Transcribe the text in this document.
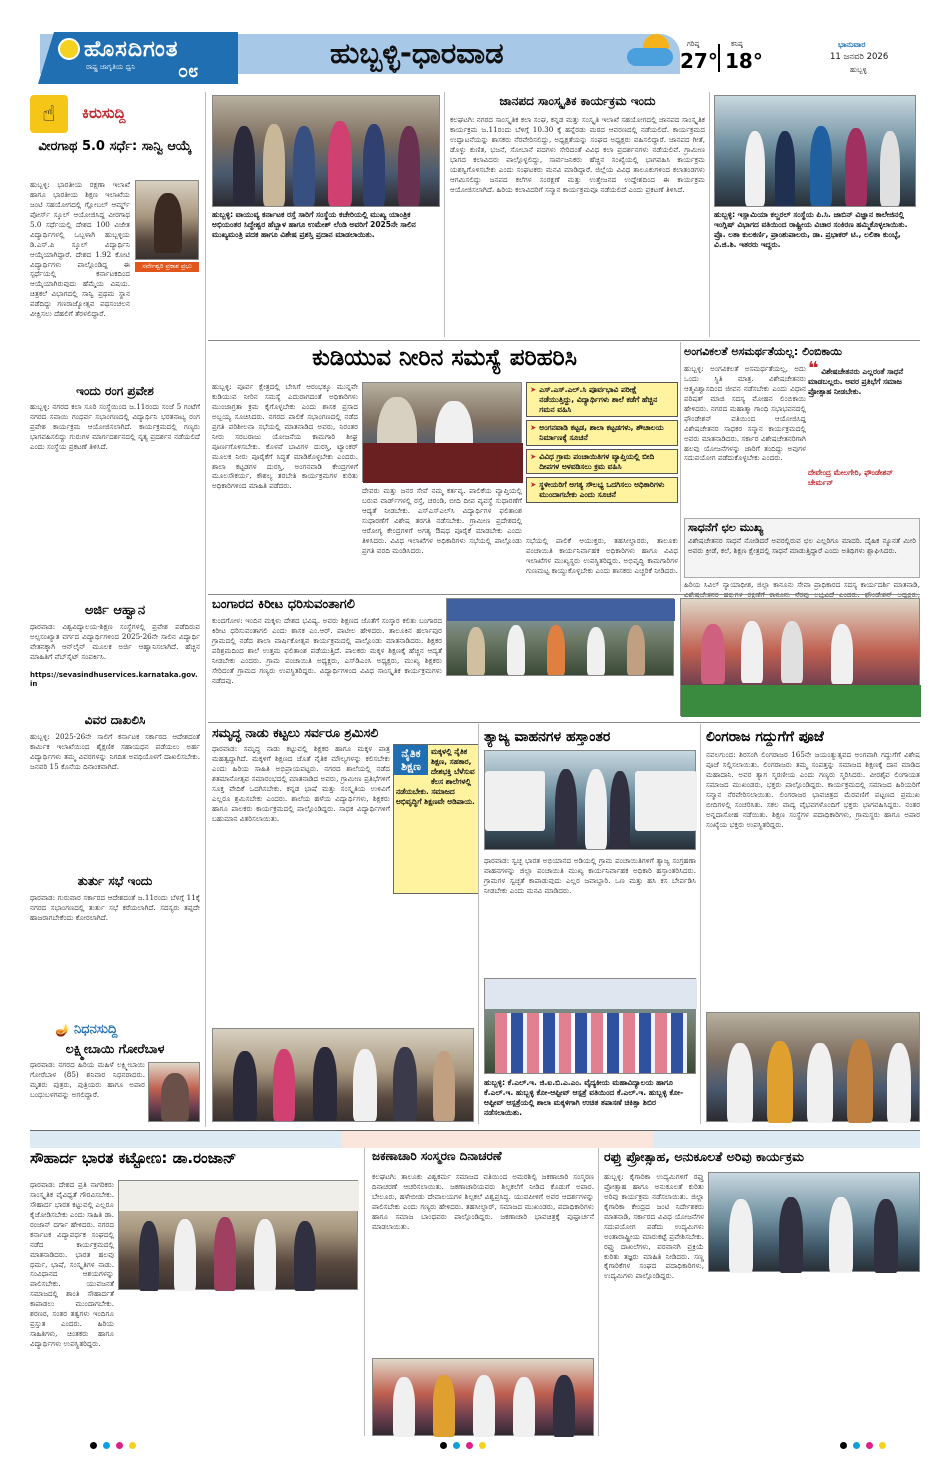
ಹೊಸದಿಗಂತ
ರಾಷ್ಟ್ರ ಜಾಗೃತಿಯ ಧ್ವನಿ ೦೮
ಹುಬ್ಬಳ್ಳಿ-ಧಾರವಾಡ	ಗರಿಷ್ಠ
27°
ಕನಿಷ್ಠ
18°
ಭಾನುವಾರ
11 ಜನವರಿ 2026
ಹುಬ್ಬಳ್ಳಿ
☝	ಕಿರುಸುದ್ದಿ
ವೀರಗಾಥ 5.0 ಸರ್ಧೆ: ಸಾನ್ವಿ ಆಯ್ಕೆ
ಹುಬ್ಬಳ್ಳಿ: ಭಾರತೀಯ ರಕ್ಷಣಾ ಇಲಾಖೆ ಹಾಗೂ ಭಾರತೀಯ ಶಿಕ್ಷಣ ಇಲಾಖೆಯ ಜಂಟಿ ಸಹಯೋಗದಲ್ಲಿ ಗ್ಲೋಬಲ್ ಆರ್ಮ್ಡ್ ಪೋರ್ಸ್ ಸ್ಕೂಲ್ ಆಯೋಜಿಸಿದ್ದ ವೀರಗಾಥ 5.0 ಸರ್ಧೆಯಲ್ಲಿ ದೇಶದ 100 ವಿಜೇತ ವಿದ್ಯಾರ್ಥಿಗಳಲ್ಲಿ ಒಬ್ಬಳಾಗಿ ಹುಬ್ಬಳ್ಳಿಯ ಡಿ.ಎಸ್.ಪಿ ಸ್ಕೂಲ್ ವಿದ್ಯಾರ್ಥಿನಿ ಆಯ್ಕೆಯಾಗಿದ್ದಾರೆ. ದೇಶದ 1.92 ಕೋಟಿ ವಿದ್ಯಾರ್ಥಿಗಳು ಪಾಲ್ಗೊಂಡಿದ್ದ ಈ ಸ್ಪರ್ಧೆಯಲ್ಲಿ ಕರ್ನಾಟಕದಿಂದ ಆಯ್ಕೆಯಾಗಿರುವುದು ಹೆಮ್ಮೆಯ ವಿಷಯ. ಚಿತ್ರಕಲೆ ವಿಭಾಗದಲ್ಲಿ ಸಾನ್ವಿ ಪ್ರಥಮ ಸ್ಥಾನ ಪಡೆದಿದ್ದು ಗಣರಾಜ್ಯೋತ್ಸವ ಪಥಸಂಚಲನ ವೀಕ್ಷಿಸಲು ದೆಹಲಿಗೆ ತೆರಳಲಿದ್ದಾರೆ.
ಸರ್ವೇಶ್ವರಿ ಪ್ರಕಾಶ ಪ್ರಭು
ಇಂದು ರಂಗ ಪ್ರವೇಶ
ಹುಬ್ಬಳ್ಳಿ: ನಗರದ ಕಲಾ ಸೂರಿ ಸಂಸ್ಥೆಯಿಂದ ಜ.11ರಂದು ಸಂಜೆ 5 ಗಂಟೆಗೆ ನಗರದ ಸವಾಯಿ ಗಂಧರ್ವ ಸಭಾಂಗಣದಲ್ಲಿ ವಿದ್ಯಾರ್ಥಿನಿ ಭರತನಾಟ್ಯ ರಂಗ ಪ್ರವೇಶ ಕಾರ್ಯಕ್ರಮ ಆಯೋಜಿಸಲಾಗಿದೆ. ಕಾರ್ಯಕ್ರಮದಲ್ಲಿ ಗಣ್ಯರು ಭಾಗವಹಿಸಲಿದ್ದು ಗುರುಗಳ ಮಾರ್ಗದರ್ಶನದಲ್ಲಿ ನೃತ್ಯ ಪ್ರದರ್ಶನ ನಡೆಯಲಿದೆ ಎಂದು ಸಂಸ್ಥೆಯ ಪ್ರಕಟಣೆ ತಿಳಿಸಿದೆ.
ಅರ್ಜಿ ಆಹ್ವಾನ
ಧಾರವಾಡ: ವಿಶ್ವವಿದ್ಯಾಲಯ-ಶಿಕ್ಷಣ ಸಂಸ್ಥೆಗಳಲ್ಲಿ ಪ್ರವೇಶ ಪಡೆದಿರುವ ಅಲ್ಪಸಂಖ್ಯಾತ ವರ್ಗದ ವಿದ್ಯಾರ್ಥಿಗಳಿಂದ 2025-26ನೇ ಸಾಲಿನ ವಿದ್ಯಾರ್ಥಿ ವೇತನಕ್ಕಾಗಿ ಆನ್‌ಲೈನ್ ಮೂಲಕ ಅರ್ಜಿ ಆಹ್ವಾನಿಸಲಾಗಿದೆ. ಹೆಚ್ಚಿನ ಮಾಹಿತಿಗೆ ವೆಬ್‌ಸೈಟ್ ಸಂಪರ್ಕಿಸಿ.
https://sevasindhuservices.karnataka.gov.in
ವಿವರ ದಾಖಲಿಸಿ
ಹುಬ್ಬಳ್ಳಿ: 2025-26ನೇ ಸಾಲಿಗೆ ಕರ್ನಾಟಕ ಸರ್ಕಾರದ ಆದೇಶದಂತೆ ಕಾರ್ಮಿಕ ಇಲಾಖೆಯಿಂದ ಶೈಕ್ಷಣಿಕ ಸಹಾಯಧನ ಪಡೆಯಲು ಅರ್ಹ ವಿದ್ಯಾರ್ಥಿಗಳು ತಮ್ಮ ವಿವರಗಳನ್ನು ನಿಗದಿತ ಅವಧಿಯೊಳಗೆ ದಾಖಲಿಸಬೇಕು. ಜನವರಿ 15 ಕೊನೆಯ ದಿನಾಂಕವಾಗಿದೆ.
ತುರ್ತು ಸಭೆ ಇಂದು
ಧಾರವಾಡ: ಗುರುವಾರ ಸರ್ಕಾರದ ಆದೇಶದಂತೆ ಜ.11ರಂದು ಬೆಳಗ್ಗೆ 11ಕ್ಕೆ ನಗರದ ಸಭಾಂಗಣದಲ್ಲಿ ತುರ್ತು ಸಭೆ ಕರೆಯಲಾಗಿದೆ. ಸದಸ್ಯರು ತಪ್ಪದೇ ಹಾಜರಾಗಬೇಕೆಂದು ಕೋರಲಾಗಿದೆ.
🪔 ನಿಧನಸುದ್ದಿ
ಲಕ್ಷ್ಮೀಬಾಯಿ ಗೋರೆಬಾಳ
ಧಾರವಾಡ: ನಗರದ ಹಿರಿಯ ಮಹಿಳೆ ಲಕ್ಷ್ಮೀಬಾಯಿ ಗೋರೆಬಾಳ (85) ಶನಿವಾರ ನಿಧನರಾದರು. ಮೃತರು ಪುತ್ರರು, ಪುತ್ರಿಯರು ಹಾಗೂ ಅಪಾರ ಬಂಧುಬಳಗವನ್ನು ಅಗಲಿದ್ದಾರೆ.
ಹುಬ್ಬಳ್ಳಿ: ವಾಯುವ್ಯ ಕರ್ನಾಟಕ ರಸ್ತೆ ಸಾರಿಗೆ ಸಂಸ್ಥೆಯ ಕಚೇರಿಯಲ್ಲಿ ಮುಖ್ಯ ಯಾಂತ್ರಿಕ ಅಭಿಯಂತರ ಸಿದ್ಧೇಶ್ವರ ಹೆಬ್ಬಾಳ ಹಾಗೂ ಉಮೇಶ್ ಲೆಂಡಿ ಅವರಿಗೆ 2025ನೇ ಸಾಲಿನ ಮುಖ್ಯಮಂತ್ರಿ ಪದಕ ಹಾಗೂ ವಿಶೇಷ ಪ್ರಶಸ್ತಿ ಪ್ರದಾನ ಮಾಡಲಾಯಿತು.
ಜಾನಪದ ಸಾಂಸ್ಕೃತಿಕ ಕಾರ್ಯಕ್ರಮ ಇಂದು
ಕಲಘಟಗಿ: ನಗರದ ಸಾಂಸ್ಕೃತಿಕ ಕಲಾ ಸಂಘ, ಕನ್ನಡ ಮತ್ತು ಸಂಸ್ಕೃತಿ ಇಲಾಖೆ ಸಹಯೋಗದಲ್ಲಿ ಜಾನಪದ ಸಾಂಸ್ಕೃತಿಕ ಕಾರ್ಯಕ್ರಮ ಜ.11ರಂದು ಬೆಳಿಗ್ಗೆ 10.30 ಕ್ಕೆ ಹನ್ನೆರಡು ಮಠದ ಆವರಣದಲ್ಲಿ ನಡೆಯಲಿದೆ. ಕಾರ್ಯಕ್ರಮದ ಉದ್ಘಾಟನೆಯನ್ನು ಶಾಸಕರು ನೆರವೇರಿಸಲಿದ್ದು, ಅಧ್ಯಕ್ಷತೆಯನ್ನು ಸಂಘದ ಅಧ್ಯಕ್ಷರು ವಹಿಸಲಿದ್ದಾರೆ. ಜಾನಪದ ಗೀತೆ, ಡೊಳ್ಳು ಕುಣಿತ, ಭಜನೆ, ಸೋಬಾನೆ ಪದಗಳು ಸೇರಿದಂತೆ ವಿವಿಧ ಕಲಾ ಪ್ರದರ್ಶನಗಳು ನಡೆಯಲಿವೆ. ಗ್ರಾಮೀಣ ಭಾಗದ ಕಲಾವಿದರು ಪಾಲ್ಗೊಳ್ಳಲಿದ್ದು, ಸಾರ್ವಜನಿಕರು ಹೆಚ್ಚಿನ ಸಂಖ್ಯೆಯಲ್ಲಿ ಭಾಗವಹಿಸಿ ಕಾರ್ಯಕ್ರಮ ಯಶಸ್ವಿಗೊಳಿಸಬೇಕು ಎಂದು ಸಂಘಟಕರು ಮನವಿ ಮಾಡಿದ್ದಾರೆ. ಜಿಲ್ಲೆಯ ವಿವಿಧ ತಾಲೂಕುಗಳಿಂದ ಕಲಾತಂಡಗಳು ಆಗಮಿಸಲಿದ್ದು ಜನಪದ ಕಲೆಗಳ ಸಂರಕ್ಷಣೆ ಮತ್ತು ಉತ್ತೇಜನದ ಉದ್ದೇಶದಿಂದ ಈ ಕಾರ್ಯಕ್ರಮ ಆಯೋಜಿಸಲಾಗಿದೆ. ಹಿರಿಯ ಕಲಾವಿದರಿಗೆ ಸನ್ಮಾನ ಕಾರ್ಯಕ್ರಮವೂ ನಡೆಯಲಿದೆ ಎಂದು ಪ್ರಕಟಣೆ ತಿಳಿಸಿದೆ.
ಹುಬ್ಬಳ್ಳಿ: ಇಸ್ಲಾಮಿಯಾ ಕಲ್ಚರಲ್ ಸಂಸ್ಥೆಯ ಪಿ.ಸಿ. ಜಾಬಿನ್ ವಿಜ್ಞಾನ ಕಾಲೇಜಿನಲ್ಲಿ ಇಂಗ್ಲಿಷ್ ವಿಭಾಗದ ವತಿಯಿಂದ ರಾಷ್ಟ್ರೀಯ ವಿಚಾರ ಸಂಕಿರಣ ಹಮ್ಮಿಕೊಳ್ಳಲಾಯಿತು. ಪ್ರೊ. ಲತಾ ಕುಲಕರ್ಣಿ, ಪ್ರಾಂಶುಪಾಲರು, ಡಾ. ಪ್ರಭಾಕರ್ ಟಿ., ಲಲಿತಾ ಕುಂಬ್ಳೆ, ವಿ.ಜಿ.ಶಿ. ಇತರರು ಇದ್ದರು.
ಕುಡಿಯುವ ನೀರಿನ ಸಮಸ್ಯೆ ಪರಿಹರಿಸಿ
ಹುಬ್ಬಳ್ಳಿ: ಪೂರ್ವ ಕ್ಷೇತ್ರದಲ್ಲಿ ಬೇಸಿಗೆ ಆರಂಭಕ್ಕೂ ಮುನ್ನವೇ ಕುಡಿಯುವ ನೀರಿನ ಸಮಸ್ಯೆ ಎದುರಾಗದಂತೆ ಅಧಿಕಾರಿಗಳು ಮುಂಜಾಗ್ರತಾ ಕ್ರಮ ಕೈಗೊಳ್ಳಬೇಕು ಎಂದು ಶಾಸಕ ಪ್ರಸಾದ ಅಬ್ಬಯ್ಯ ಸೂಚಿಸಿದರು. ನಗರದ ಪಾಲಿಕೆ ಸಭಾಂಗಣದಲ್ಲಿ ನಡೆದ ಪ್ರಗತಿ ಪರಿಶೀಲನಾ ಸಭೆಯಲ್ಲಿ ಮಾತನಾಡಿದ ಅವರು, ನಿರಂತರ ನೀರು ಸರಬರಾಜು ಯೋಜನೆಯ ಕಾಮಗಾರಿ ಶೀಘ್ರ ಪೂರ್ಣಗೊಳಿಸಬೇಕು. ಕೊಳವೆ ಬಾವಿಗಳ ದುರಸ್ತಿ, ಟ್ಯಾಂಕರ್ ಮೂಲಕ ನೀರು ಪೂರೈಕೆಗೆ ಸಿದ್ಧತೆ ಮಾಡಿಕೊಳ್ಳಬೇಕು ಎಂದರು. ಶಾಲಾ ಕಟ್ಟಡಗಳ ದುರಸ್ತಿ, ಅಂಗನವಾಡಿ ಕೇಂದ್ರಗಳಿಗೆ ಮೂಲಸೌಕರ್ಯ, ಕೌಶಲ್ಯ ತರಬೇತಿ ಕಾರ್ಯಕ್ರಮಗಳ ಕುರಿತು ಅಧಿಕಾರಿಗಳಿಂದ ಮಾಹಿತಿ ಪಡೆದರು.
➤ ಎಸ್.ಎಸ್.ಎಲ್.ಸಿ ಪೂರ್ವಭಾವಿ ಪರೀಕ್ಷೆ ನಡೆಯುತ್ತಿದ್ದು, ವಿದ್ಯಾರ್ಥಿಗಳು ಶಾಲೆ ಕಡೆಗೆ ಹೆಚ್ಚಿನ ಗಮನ ವಹಿಸಿ
➤ ಅಂಗನವಾಡಿ ಕಟ್ಟಡ, ಶಾಲಾ ಕಟ್ಟಡಗಳು, ಶೌಚಾಲಯ ನಿರ್ಮಾಣಕ್ಕೆ ಸೂಚನೆ
➤ ವಿವಿಧ ಗ್ರಾಮ ಪಂಚಾಯಿತಿಗಳ ವ್ಯಾಪ್ತಿಯಲ್ಲಿ ಬೀದಿ ದೀಪಗಳ ಅಳವಡಿಸಲು ಕ್ರಮ ವಹಿಸಿ
➤ ಸ್ಥಳೀಯರಿಗೆ ಅಗತ್ಯ ಸೌಲಭ್ಯ ಒದಗಿಸಲು ಅಧಿಕಾರಿಗಳು ಮುಂದಾಗಬೇಕು ಎಂದು ಸೂಚನೆ
ದೇವರು ಮತ್ತು ಜನರ ಸೇವೆ ನಮ್ಮ ಕರ್ತವ್ಯ. ಪಾಲಿಕೆಯ ವ್ಯಾಪ್ತಿಯಲ್ಲಿ ಬರುವ ವಾರ್ಡ್‌ಗಳಲ್ಲಿ ರಸ್ತೆ, ಚರಂಡಿ, ಬೀದಿ ದೀಪ ವ್ಯವಸ್ಥೆ ಸುಧಾರಣೆಗೆ ಆದ್ಯತೆ ನೀಡಬೇಕು. ಎಸ್‌ಎಸ್‌ಎಲ್‌ಸಿ ವಿದ್ಯಾರ್ಥಿಗಳ ಫಲಿತಾಂಶ ಸುಧಾರಣೆಗೆ ವಿಶೇಷ ತರಗತಿ ನಡೆಸಬೇಕು. ಗ್ರಾಮೀಣ ಪ್ರದೇಶದಲ್ಲಿ ಆರೋಗ್ಯ ಕೇಂದ್ರಗಳಿಗೆ ಅಗತ್ಯ ಔಷಧ ಪೂರೈಕೆ ಮಾಡಬೇಕು ಎಂದು ತಿಳಿಸಿದರು. ವಿವಿಧ ಇಲಾಖೆಗಳ ಅಧಿಕಾರಿಗಳು ಸಭೆಯಲ್ಲಿ ಪಾಲ್ಗೊಂಡು ಪ್ರಗತಿ ವರದಿ ಮಂಡಿಸಿದರು.
ಸಭೆಯಲ್ಲಿ ಪಾಲಿಕೆ ಆಯುಕ್ತರು, ತಹಸೀಲ್ದಾರರು, ತಾಲೂಕು ಪಂಚಾಯಿತಿ ಕಾರ್ಯನಿರ್ವಾಹಕ ಅಧಿಕಾರಿಗಳು ಹಾಗೂ ವಿವಿಧ ಇಲಾಖೆಗಳ ಮುಖ್ಯಸ್ಥರು ಉಪಸ್ಥಿತರಿದ್ದರು. ಅಭಿವೃದ್ಧಿ ಕಾಮಗಾರಿಗಳ ಗುಣಮಟ್ಟ ಕಾಯ್ದುಕೊಳ್ಳಬೇಕು ಎಂದು ಶಾಸಕರು ಎಚ್ಚರಿಕೆ ನೀಡಿದರು.
ಅಂಗವಿಕಲತೆ ಅಸಮರ್ಥತೆಯಲ್ಲ: ಲಿಂಬಿಕಾಯಿ
ಹುಬ್ಬಳ್ಳಿ: ಅಂಗವಿಕಲತೆ ಅಸಮರ್ಥತೆಯಲ್ಲ, ಅದು ಒಂದು ಸ್ಥಿತಿ ಮಾತ್ರ. ವಿಶೇಷಚೇತನರು ಆತ್ಮವಿಶ್ವಾಸದಿಂದ ಜೀವನ ನಡೆಸಬೇಕು ಎಂದು ವಿಧಾನ ಪರಿಷತ್ ಮಾಜಿ ಸದಸ್ಯ ಮೋಹನ ಲಿಂಬಿಕಾಯಿ ಹೇಳಿದರು. ನಗರದ ಮಹಾತ್ಮಾ ಗಾಂಧಿ ಸಭಾಭವನದಲ್ಲಿ ಫೌಂಡೇಶನ್ ವತಿಯಿಂದ ಆಯೋಜಿಸಿದ್ದ ವಿಶೇಷಚೇತನರ ಸಾಧಕರ ಸನ್ಮಾನ ಕಾರ್ಯಕ್ರಮದಲ್ಲಿ ಅವರು ಮಾತನಾಡಿದರು. ಸರ್ಕಾರ ವಿಶೇಷಚೇತನರಿಗಾಗಿ ಹಲವು ಯೋಜನೆಗಳನ್ನು ಜಾರಿಗೆ ತಂದಿದ್ದು ಅವುಗಳ ಸದುಪಯೋಗ ಪಡೆದುಕೊಳ್ಳಬೇಕು ಎಂದರು.
❝ ವಿಶೇಷಚೇತನರು ಎಲ್ಲರಂತೆ ಸಾಧನೆ ಮಾಡಬಲ್ಲರು. ಅವರ ಪ್ರತಿಭೆಗೆ ಸಮಾಜ ಪ್ರೋತ್ಸಾಹ ನೀಡಬೇಕು.
ದೇವೇಂದ್ರ ಮೇಲಗೇರಿ, ಫೌಂಡೇಶನ್ ಚೇರ್ಮನ್
ಸಾಧನೆಗೆ ಛಲ ಮುಖ್ಯ
ವಿಶೇಷಚೇತನರ ಸಾಧನೆ ನೋಡಿದರೆ ಅವರಲ್ಲಿರುವ ಛಲ ಎಲ್ಲರಿಗೂ ಮಾದರಿ. ದೈಹಿಕ ನ್ಯೂನತೆ ಮೀರಿ ಅವರು ಕ್ರೀಡೆ, ಕಲೆ, ಶಿಕ್ಷಣ ಕ್ಷೇತ್ರದಲ್ಲಿ ಸಾಧನೆ ಮಾಡುತ್ತಿದ್ದಾರೆ ಎಂದು ಅತಿಥಿಗಳು ಶ್ಲಾಘಿಸಿದರು.
ಹಿರಿಯ ಸಿವಿಲ್ ನ್ಯಾಯಾಧೀಶ, ಜಿಲ್ಲಾ ಕಾನೂನು ಸೇವಾ ಪ್ರಾಧಿಕಾರದ ಸದಸ್ಯ ಕಾರ್ಯದರ್ಶಿ ಮಾತನಾಡಿ,
ಬಂಗಾರದ ಕಿರೀಟ ಧರಿಸುವಂತಾಗಲಿ
ಕುಂದಗೋಳ: ಇಂದಿನ ಮಕ್ಕಳು ದೇಶದ ಭವಿಷ್ಯ. ಅವರು ಶಿಕ್ಷಣದ ಜೊತೆಗೆ ಸಂಸ್ಕಾರ ಕಲಿತು ಬಂಗಾರದ ಕಿರೀಟ ಧರಿಸುವಂತಾಗಲಿ ಎಂದು ಶಾಸಕ ಎಂ.ಆರ್. ಪಾಟೀಲ ಹೇಳಿದರು. ತಾಲೂಕಿನ ಹರ್ಲಾಪುರ ಗ್ರಾಮದಲ್ಲಿ ನಡೆದ ಶಾಲಾ ವಾರ್ಷಿಕೋತ್ಸವ ಕಾರ್ಯಕ್ರಮದಲ್ಲಿ ಪಾಲ್ಗೊಂಡು ಮಾತನಾಡಿದರು. ಶಿಕ್ಷಕರ ಪರಿಶ್ರಮದಿಂದ ಶಾಲೆ ಉತ್ತಮ ಫಲಿತಾಂಶ ಪಡೆಯುತ್ತಿದೆ. ಪಾಲಕರು ಮಕ್ಕಳ ಶಿಕ್ಷಣಕ್ಕೆ ಹೆಚ್ಚಿನ ಆದ್ಯತೆ ನೀಡಬೇಕು ಎಂದರು. ಗ್ರಾಮ ಪಂಚಾಯಿತಿ ಅಧ್ಯಕ್ಷರು, ಎಸ್‌ಡಿಎಂಸಿ ಅಧ್ಯಕ್ಷರು, ಮುಖ್ಯ ಶಿಕ್ಷಕರು ಸೇರಿದಂತೆ ಗ್ರಾಮದ ಗಣ್ಯರು ಉಪಸ್ಥಿತರಿದ್ದರು. ವಿದ್ಯಾರ್ಥಿಗಳಿಂದ ವಿವಿಧ ಸಾಂಸ್ಕೃತಿಕ ಕಾರ್ಯಕ್ರಮಗಳು ನಡೆದವು.
ಸಮೃದ್ಧ ನಾಡು ಕಟ್ಟಲು ಸರ್ವರೂ ಶ್ರಮಿಸಲಿ
ಧಾರವಾಡ: ಸಮೃದ್ಧ ನಾಡು ಕಟ್ಟುವಲ್ಲಿ ಶಿಕ್ಷಕರ ಹಾಗೂ ಮಕ್ಕಳ ಪಾತ್ರ ಮಹತ್ವದ್ದಾಗಿದೆ. ಮಕ್ಕಳಿಗೆ ಶಿಕ್ಷಣದ ಜೊತೆ ನೈತಿಕ ಮೌಲ್ಯಗಳನ್ನು ಕಲಿಸಬೇಕು ಎಂದು ಹಿರಿಯ ಸಾಹಿತಿ ಅಭಿಪ್ರಾಯಪಟ್ಟರು. ನಗರದ ಶಾಲೆಯಲ್ಲಿ ನಡೆದ ಶತಮಾನೋತ್ಸವ ಸಮಾರಂಭದಲ್ಲಿ ಮಾತನಾಡಿದ ಅವರು, ಗ್ರಾಮೀಣ ಪ್ರತಿಭೆಗಳಿಗೆ ಸೂಕ್ತ ವೇದಿಕೆ ಒದಗಿಸಬೇಕು. ಕನ್ನಡ ಭಾಷೆ ಮತ್ತು ಸಂಸ್ಕೃತಿಯ ಉಳಿವಿಗೆ ಎಲ್ಲರೂ ಶ್ರಮಿಸಬೇಕು ಎಂದರು. ಶಾಲೆಯ ಹಳೆಯ ವಿದ್ಯಾರ್ಥಿಗಳು, ಶಿಕ್ಷಕರು ಹಾಗೂ ಪಾಲಕರು ಕಾರ್ಯಕ್ರಮದಲ್ಲಿ ಪಾಲ್ಗೊಂಡಿದ್ದರು. ಸಾಧಕ ವಿದ್ಯಾರ್ಥಿಗಳಿಗೆ ಬಹುಮಾನ ವಿತರಿಸಲಾಯಿತು.
ನೈತಿಕ ಶಿಕ್ಷಣ
ಮಕ್ಕಳಲ್ಲಿ ನೈತಿಕ ಶಿಕ್ಷಣ, ಸಹಕಾರ, ದೇಶಭಕ್ತಿ ಬೆಳೆಸುವ ಕೆಲಸ ಶಾಲೆಗಳಲ್ಲಿ ನಡೆಯಬೇಕು. ಸಮಾಜದ ಅಭಿವೃದ್ಧಿಗೆ ಶಿಕ್ಷಣವೇ ಅಡಿಪಾಯ.
ತ್ಯಾಜ್ಯ ವಾಹನಗಳ ಹಸ್ತಾಂತರ
ಧಾರವಾಡ: ಸ್ವಚ್ಛ ಭಾರತ ಅಭಿಯಾನದ ಅಡಿಯಲ್ಲಿ ಗ್ರಾಮ ಪಂಚಾಯಿತಿಗಳಿಗೆ ತ್ಯಾಜ್ಯ ಸಂಗ್ರಹಣಾ ವಾಹನಗಳನ್ನು ಜಿಲ್ಲಾ ಪಂಚಾಯಿತಿ ಮುಖ್ಯ ಕಾರ್ಯನಿರ್ವಾಹಕ ಅಧಿಕಾರಿ ಹಸ್ತಾಂತರಿಸಿದರು. ಗ್ರಾಮಗಳ ಸ್ವಚ್ಛತೆ ಕಾಪಾಡುವುದು ಎಲ್ಲರ ಜವಾಬ್ದಾರಿ. ಒಣ ಮತ್ತು ಹಸಿ ಕಸ ಬೇರ್ಪಡಿಸಿ ನೀಡಬೇಕು ಎಂದು ಮನವಿ ಮಾಡಿದರು.
ಹುಬ್ಬಳ್ಳಿ: ಕೆ.ಎಲ್.ಇ. ಜಿ.ಐ.ಬಿ.ಎ.ಎಂ. ವೈದ್ಯಕೀಯ ಮಹಾವಿದ್ಯಾಲಯ ಹಾಗೂ ಕೆ.ಎಲ್.ಇ. ಹುಬ್ಬಳ್ಳಿ ಕೋ-ಆಪ್ಟೀವ್ ಆಸ್ಪತ್ರೆ ವತಿಯಿಂದ ಕೆ.ಎಲ್.ಇ. ಹುಬ್ಬಳ್ಳಿ ಕೋ-ಆಪ್ಟೀವ್ ಆಸ್ಪತ್ರೆಯಲ್ಲಿ ಶಾಲಾ ಮಕ್ಕಳಿಗಾಗಿ ಉಚಿತ ತಪಾಸಣೆ ಚಿಕಿತ್ಸಾ ಶಿಬಿರ ನಡೆಸಲಾಯಿತು.
ಲಿಂಗರಾಜ ಗದ್ದುಗೆಗೆ ಪೂಜೆ
ನವಲಗುಂದ: ಶಿರಸಂಗಿ ಲಿಂಗರಾಜರ 165ನೇ ಜಯಂತ್ಯುತ್ಸವದ ಅಂಗವಾಗಿ ಗದ್ದುಗೆಗೆ ವಿಶೇಷ ಪೂಜೆ ಸಲ್ಲಿಸಲಾಯಿತು. ಲಿಂಗರಾಜರು ತಮ್ಮ ಸಂಪತ್ತನ್ನು ಸಮಾಜದ ಶಿಕ್ಷಣಕ್ಕೆ ದಾನ ಮಾಡಿದ ಮಹಾದಾನಿ. ಅವರ ತ್ಯಾಗ ಸ್ಮರಣೀಯ ಎಂದು ಗಣ್ಯರು ಸ್ಮರಿಸಿದರು. ವೀರಶೈವ ಲಿಂಗಾಯತ ಸಮಾಜದ ಮುಖಂಡರು, ಭಕ್ತರು ಪಾಲ್ಗೊಂಡಿದ್ದರು. ಕಾರ್ಯಕ್ರಮದಲ್ಲಿ ಸಮಾಜದ ಹಿರಿಯರಿಗೆ ಸನ್ಮಾನ ನೆರವೇರಿಸಲಾಯಿತು. ಲಿಂಗರಾಜರ ಭಾವಚಿತ್ರದ ಮೆರವಣಿಗೆ ಪಟ್ಟಣದ ಪ್ರಮುಖ ಬೀದಿಗಳಲ್ಲಿ ಸಂಚರಿಸಿತು. ಸಕಲ ವಾದ್ಯ ವೈಭವಗಳೊಂದಿಗೆ ಭಕ್ತರು ಭಾಗವಹಿಸಿದ್ದರು. ನಂತರ ಅನ್ನದಾಸೋಹ ನಡೆಯಿತು. ಶಿಕ್ಷಣ ಸಂಸ್ಥೆಗಳ ಪದಾಧಿಕಾರಿಗಳು, ಗ್ರಾಮಸ್ಥರು ಹಾಗೂ ಅಪಾರ ಸಂಖ್ಯೆಯ ಭಕ್ತರು ಉಪಸ್ಥಿತರಿದ್ದರು.
ಸೌಹಾರ್ದ ಭಾರತ ಕಟ್ಟೋಣ: ಡಾ.ರಂಜಾನ್
ಧಾರವಾಡ: ದೇಶದ ಪ್ರತಿ ನಾಗರಿಕರು ಸಾಂಸ್ಕೃತಿಕ ವೈವಿಧ್ಯತೆ ಗೌರವಿಸಬೇಕು. ಸೌಹಾರ್ದ ಭಾರತ ಕಟ್ಟುವಲ್ಲಿ ಎಲ್ಲರೂ ಕೈಜೋಡಿಸಬೇಕು ಎಂದು ಸಾಹಿತಿ ಡಾ. ರಂಜಾನ್ ದರ್ಗಾ ಹೇಳಿದರು. ನಗರದ ಕರ್ನಾಟಕ ವಿದ್ಯಾವರ್ಧಕ ಸಂಘದಲ್ಲಿ ನಡೆದ ಕಾರ್ಯಕ್ರಮದಲ್ಲಿ ಮಾತನಾಡಿದರು. ಭಾರತ ಹಲವು ಧರ್ಮ, ಭಾಷೆ, ಸಂಸ್ಕೃತಿಗಳ ನಾಡು. ಸಂವಿಧಾನದ ಆಶಯಗಳನ್ನು ಪಾಲಿಸಬೇಕು. ಯುವಜನತೆ ಸಮಾಜದಲ್ಲಿ ಶಾಂತಿ ಸೌಹಾರ್ದತೆ ಕಾಪಾಡಲು ಮುಂದಾಗಬೇಕು. ಶರಣರ, ಸಂತರ ತತ್ವಗಳು ಇಂದಿಗೂ ಪ್ರಸ್ತುತ ಎಂದರು. ಹಿರಿಯ ಸಾಹಿತಿಗಳು, ಚಿಂತಕರು ಹಾಗೂ ವಿದ್ಯಾರ್ಥಿಗಳು ಉಪಸ್ಥಿತರಿದ್ದರು.
ಜಕಣಾಚಾರಿ ಸಂಸ್ಮರಣ ದಿನಾಚರಣೆ
ಕಲಘಟಗಿ: ತಾಲೂಕು ವಿಶ್ವಕರ್ಮ ಸಮಾಜದ ವತಿಯಿಂದ ಅಮರಶಿಲ್ಪಿ ಜಕಣಾಚಾರಿ ಸಂಸ್ಮರಣ ದಿನಾಚರಣೆ ಆಚರಿಸಲಾಯಿತು. ಜಕಣಾಚಾರಿಯವರು ಶಿಲ್ಪಕಲೆಗೆ ನೀಡಿದ ಕೊಡುಗೆ ಅಪಾರ. ಬೇಲೂರು, ಹಳೇಬೀಡು ದೇವಾಲಯಗಳ ಶಿಲ್ಪಕಲೆ ವಿಶ್ವಪ್ರಸಿದ್ಧ. ಯುವಪೀಳಿಗೆ ಅವರ ಆದರ್ಶಗಳನ್ನು ಪಾಲಿಸಬೇಕು ಎಂದು ಗಣ್ಯರು ಹೇಳಿದರು. ತಹಸೀಲ್ದಾರ್, ಸಮಾಜದ ಮುಖಂಡರು, ಪದಾಧಿಕಾರಿಗಳು ಹಾಗೂ ಸಮಾಜ ಬಾಂಧವರು ಪಾಲ್ಗೊಂಡಿದ್ದರು. ಜಕಣಾಚಾರಿ ಭಾವಚಿತ್ರಕ್ಕೆ ಪುಷ್ಪಾರ್ಚನೆ ಮಾಡಲಾಯಿತು.
ರಫ್ತು ಪ್ರೋತ್ಸಾಹ, ಅನುಕೂಲತೆ ಅರಿವು ಕಾರ್ಯಕ್ರಮ
ಹುಬ್ಬಳ್ಳಿ: ಕೈಗಾರಿಕಾ ಉದ್ಯಮಿಗಳಿಗೆ ರಫ್ತು ಪ್ರೋತ್ಸಾಹ ಹಾಗೂ ಅನುಕೂಲತೆ ಕುರಿತು ಅರಿವು ಕಾರ್ಯಕ್ರಮ ನಡೆಸಲಾಯಿತು. ಜಿಲ್ಲಾ ಕೈಗಾರಿಕಾ ಕೇಂದ್ರದ ಜಂಟಿ ನಿರ್ದೇಶಕರು ಮಾತನಾಡಿ, ಸರ್ಕಾರದ ವಿವಿಧ ಯೋಜನೆಗಳ ಸದುಪಯೋಗ ಪಡೆದು ಉದ್ಯಮಿಗಳು ಅಂತಾರಾಷ್ಟ್ರೀಯ ಮಾರುಕಟ್ಟೆ ಪ್ರವೇಶಿಸಬೇಕು. ರಫ್ತು ದಾಖಲೆಗಳು, ಪರವಾನಗಿ ಪ್ರಕ್ರಿಯೆ ಕುರಿತು ತಜ್ಞರು ಮಾಹಿತಿ ನೀಡಿದರು. ಸಣ್ಣ ಕೈಗಾರಿಕೆಗಳ ಸಂಘದ ಪದಾಧಿಕಾರಿಗಳು, ಉದ್ಯಮಿಗಳು ಪಾಲ್ಗೊಂಡಿದ್ದರು.
